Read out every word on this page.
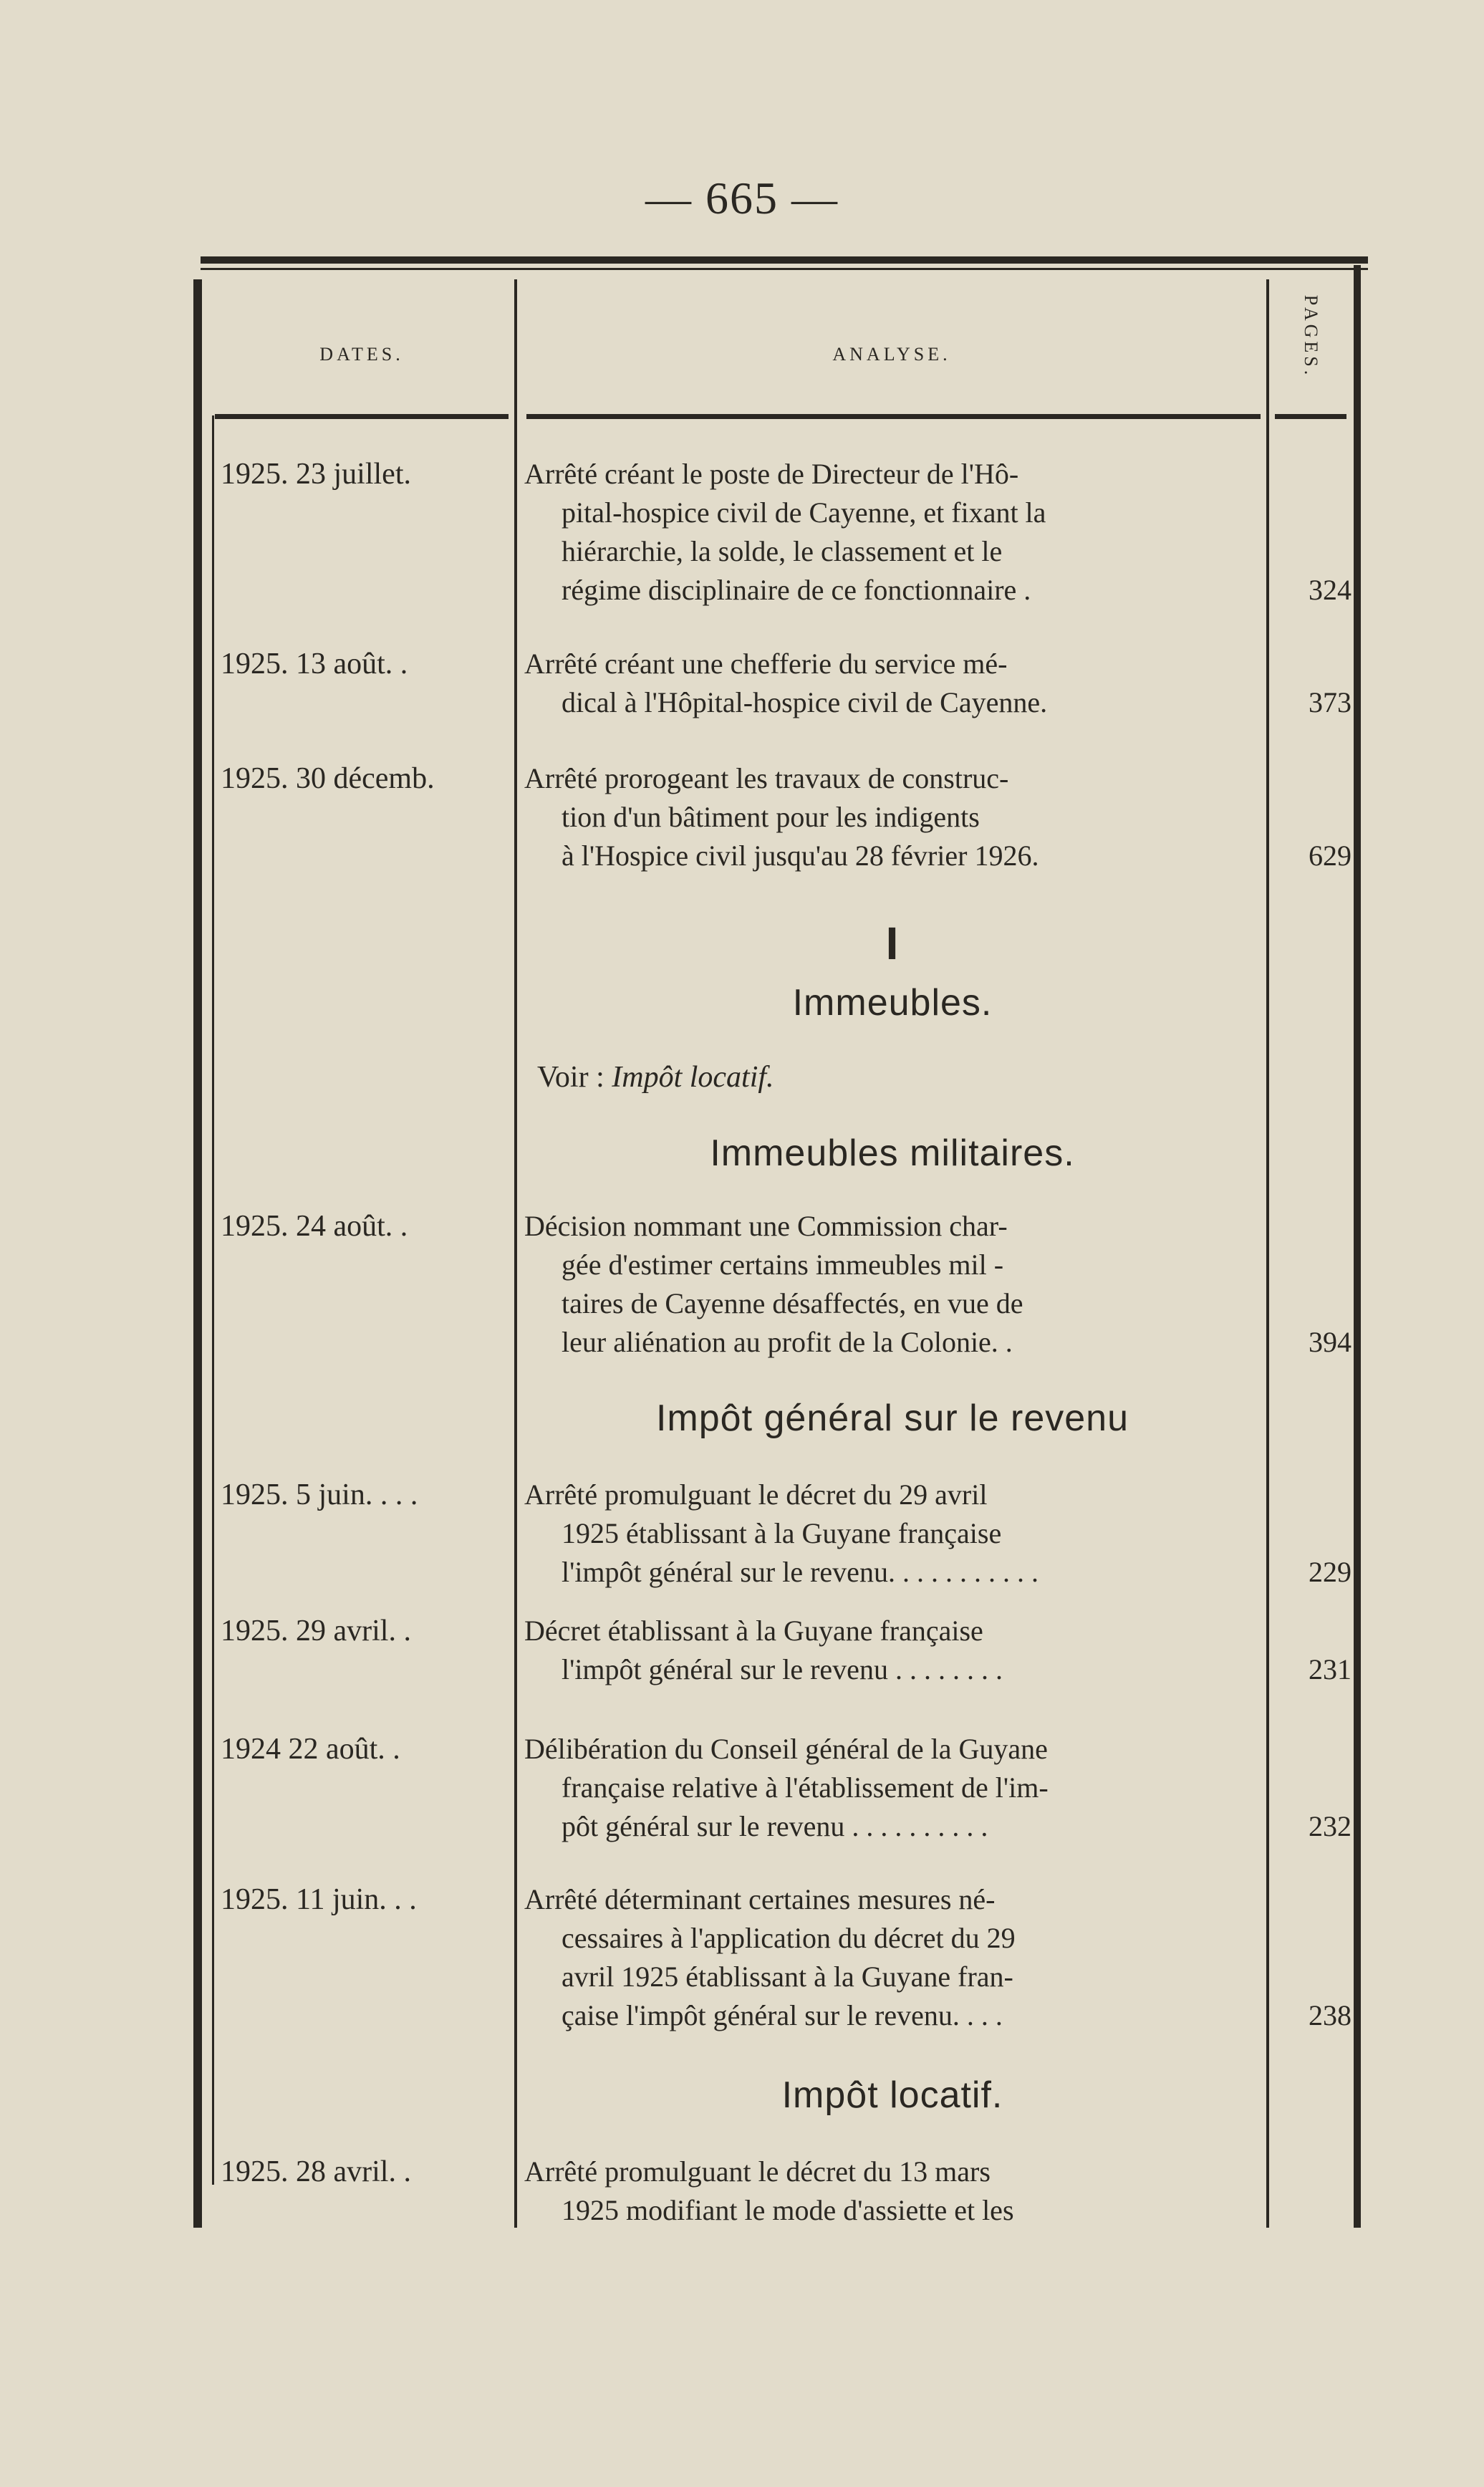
— 665 —
DATES.	ANALYSE.	PAGES.
1925. 23 juillet.	Arrêté créant le poste de Directeur de l'Hô-

pital-hospice civil de Cayenne, et fixant la

hiérarchie, la solde, le classement et le

régime disciplinaire de ce fonctionnaire .	324
1925. 13 août. .	Arrêté créant une chefferie du service mé-

dical à l'Hôpital-hospice civil de Cayenne.	373
1925. 30 décemb.	Arrêté prorogeant les travaux de construc-

tion d'un bâtiment pour les indigents

à l'Hospice civil jusqu'au 28 février 1926.	629
I
Immeubles.
Voir : Impôt locatif.
Immeubles militaires.
1925. 24 août. .	Décision nommant une Commission char-

gée d'estimer certains immeubles mil -

taires de Cayenne désaffectés, en vue de

leur aliénation au profit de la Colonie. .	394
Impôt général sur le revenu
1925. 5 juin. . . .	Arrêté promulguant le décret du 29 avril

1925 établissant à la Guyane française

l'impôt général sur le revenu. . . . . . . . . . .	229
1925. 29 avril. .	Décret établissant à la Guyane française

l'impôt général sur le revenu . . . . . . . .	231
1924 22 août. .	Délibération du Conseil général de la Guyane

française relative à l'établissement de l'im-

pôt général sur le revenu . . . . . . . . . .	232
1925. 11 juin. . .	Arrêté déterminant certaines mesures né-

cessaires à l'application du décret du 29

avril 1925 établissant à la Guyane fran-

çaise l'impôt général sur le revenu. . . .	238
Impôt locatif.
1925. 28 avril. .	Arrêté promulguant le décret du 13 mars

1925 modifiant le mode d'assiette et les
